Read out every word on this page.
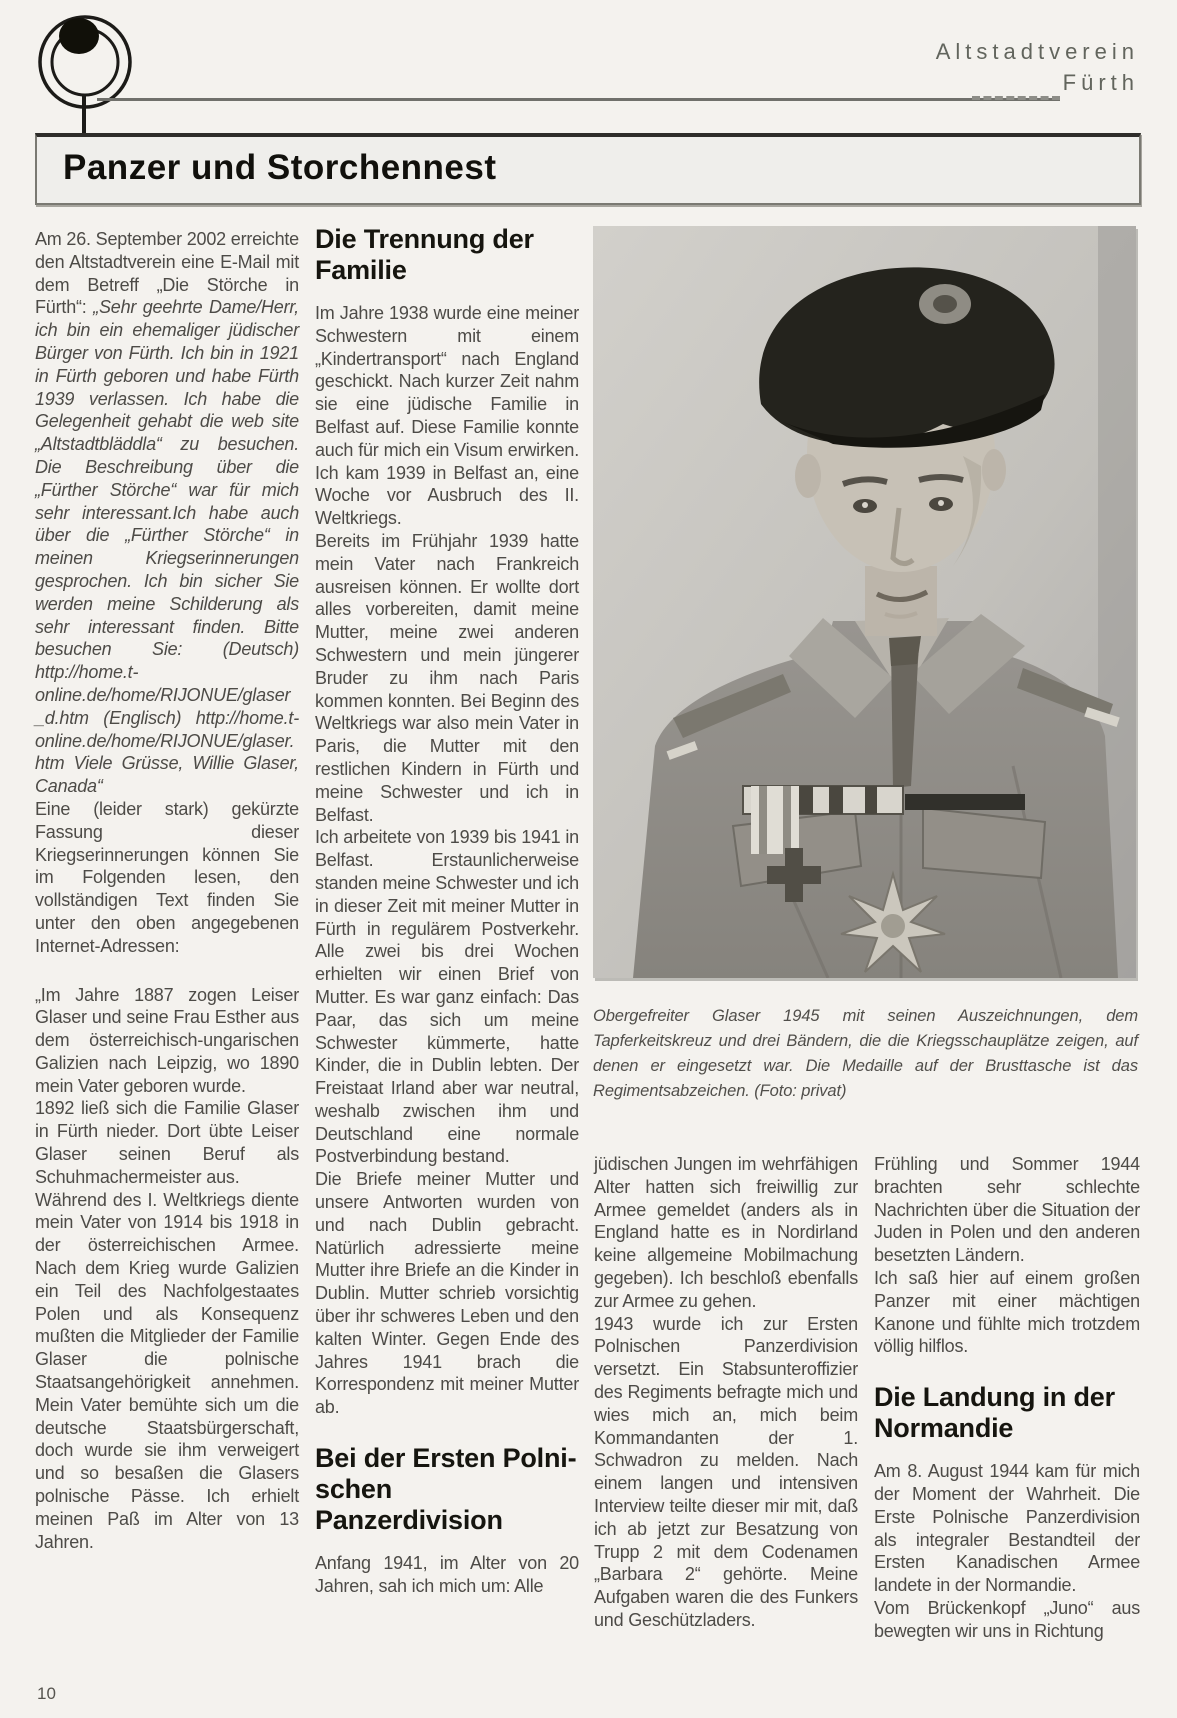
Altstadtverein
Fürth
Panzer und Storchennest

Am 26. September 2002 erreichte den Altstadtverein eine E-Mail mit dem Betreff „Die Störche in Fürth“: „Sehr geehrte Dame/Herr, ich bin ein ehemaliger jüdischer Bürger von Fürth. Ich bin in 1921 in Fürth geboren und habe Fürth 1939 verlassen. Ich habe die Gelegenheit gehabt die web site „Altstadtbläddla“ zu besuchen. Die Beschreibung über die „Fürther Störche“ war für mich sehr interessant.Ich habe auch über die „Fürther Störche“ in meinen Kriegserinnerungen gesprochen. Ich bin sicher Sie werden meine Schilderung als sehr interessant finden. Bitte besuchen Sie: (Deutsch) http://home.t-online.de/home/RIJONUE/glaser_d.htm (Englisch) http://home.t-online.de/home/RIJONUE/glaser.htm Viele Grüsse, Willie Glaser, Canada“

Eine (leider stark) gekürzte Fassung dieser Kriegserinnerungen können Sie im Folgenden lesen, den vollständigen Text finden Sie unter den oben angegebenen Internet-Adressen:

„Im Jahre 1887 zogen Leiser Glaser und seine Frau Esther aus dem österreichisch-ungarischen Galizien nach Leipzig, wo 1890 mein Vater geboren wurde.

1892 ließ sich die Familie Glaser in Fürth nieder. Dort übte Leiser Glaser seinen Beruf als Schuhmachermeister aus.

Während des I. Weltkriegs diente mein Vater von 1914 bis 1918 in der österreichischen Armee. Nach dem Krieg wurde Galizien ein Teil des Nachfolgestaates Polen und als Konsequenz mußten die Mitglieder der Familie Glaser die polnische Staatsangehörigkeit annehmen. Mein Vater bemühte sich um die deutsche Staatsbürgerschaft, doch wurde sie ihm verweigert und so besaßen die Glasers polnische Pässe. Ich erhielt meinen Paß im Alter von 13 Jahren.

Die Trennung der Familie

Im Jahre 1938 wurde eine meiner Schwestern mit einem „Kindertransport“ nach England geschickt. Nach kurzer Zeit nahm sie eine jüdische Familie in Belfast auf. Diese Familie konnte auch für mich ein Visum erwirken. Ich kam 1939 in Belfast an, eine Woche vor Ausbruch des II. Weltkriegs.

Bereits im Frühjahr 1939 hatte mein Vater nach Frankreich ausreisen können. Er wollte dort alles vorbereiten, damit meine Mutter, meine zwei anderen Schwestern und mein jüngerer Bruder zu ihm nach Paris kommen konnten. Bei Beginn des Weltkriegs war also mein Vater in Paris, die Mutter mit den restlichen Kindern in Fürth und meine Schwester und ich in Belfast.

Ich arbeitete von 1939 bis 1941 in Belfast. Erstaunlicherweise standen meine Schwester und ich in dieser Zeit mit meiner Mutter in Fürth in regulärem Postverkehr. Alle zwei bis drei Wochen erhielten wir einen Brief von Mutter. Es war ganz einfach: Das Paar, das sich um meine Schwester kümmerte, hatte Kinder, die in Dublin lebten. Der Freistaat Irland aber war neutral, weshalb zwischen ihm und Deutschland eine normale Postverbindung bestand.

Die Briefe meiner Mutter und unsere Antworten wurden von und nach Dublin gebracht. Natürlich adressierte meine Mutter ihre Briefe an die Kinder in Dublin. Mutter schrieb vorsichtig über ihr schweres Leben und den kalten Winter. Gegen Ende des Jahres 1941 brach die Korrespondenz mit meiner Mutter ab.

Bei der Ersten Polnischen Panzerdivision

Anfang 1941, im Alter von 20 Jahren, sah ich mich um: Alle

Obergefreiter Glaser 1945 mit seinen Auszeichnungen, dem Tapferkeitskreuz und drei Bändern, die die Kriegsschauplätze zeigen, auf denen er eingesetzt war. Die Medaille auf der Brusttasche ist das Regimentsabzeichen. (Foto: privat)

jüdischen Jungen im wehrfähigen Alter hatten sich freiwillig zur Armee gemeldet (anders als in England hatte es in Nordirland keine allgemeine Mobilmachung gegeben). Ich beschloß ebenfalls zur Armee zu gehen.

1943 wurde ich zur Ersten Polnischen Panzerdivision versetzt. Ein Stabsunteroffizier des Regiments befragte mich und wies mich an, mich beim Kommandanten der 1. Schwadron zu melden. Nach einem langen und intensiven Interview teilte dieser mir mit, daß ich ab jetzt zur Besatzung von Trupp 2 mit dem Codenamen „Barbara 2“ gehörte. Meine Aufgaben waren die des Funkers und Geschützladers.

Frühling und Sommer 1944 brachten sehr schlechte Nachrichten über die Situation der Juden in Polen und den anderen besetzten Ländern.

Ich saß hier auf einem großen Panzer mit einer mächtigen Kanone und fühlte mich trotzdem völlig hilflos.

Die Landung in der Normandie

Am 8. August 1944 kam für mich der Moment der Wahrheit. Die Erste Polnische Panzerdivision als integraler Bestandteil der Ersten Kanadischen Armee landete in der Normandie.

Vom Brückenkopf „Juno“ aus bewegten wir uns in Richtung

10
